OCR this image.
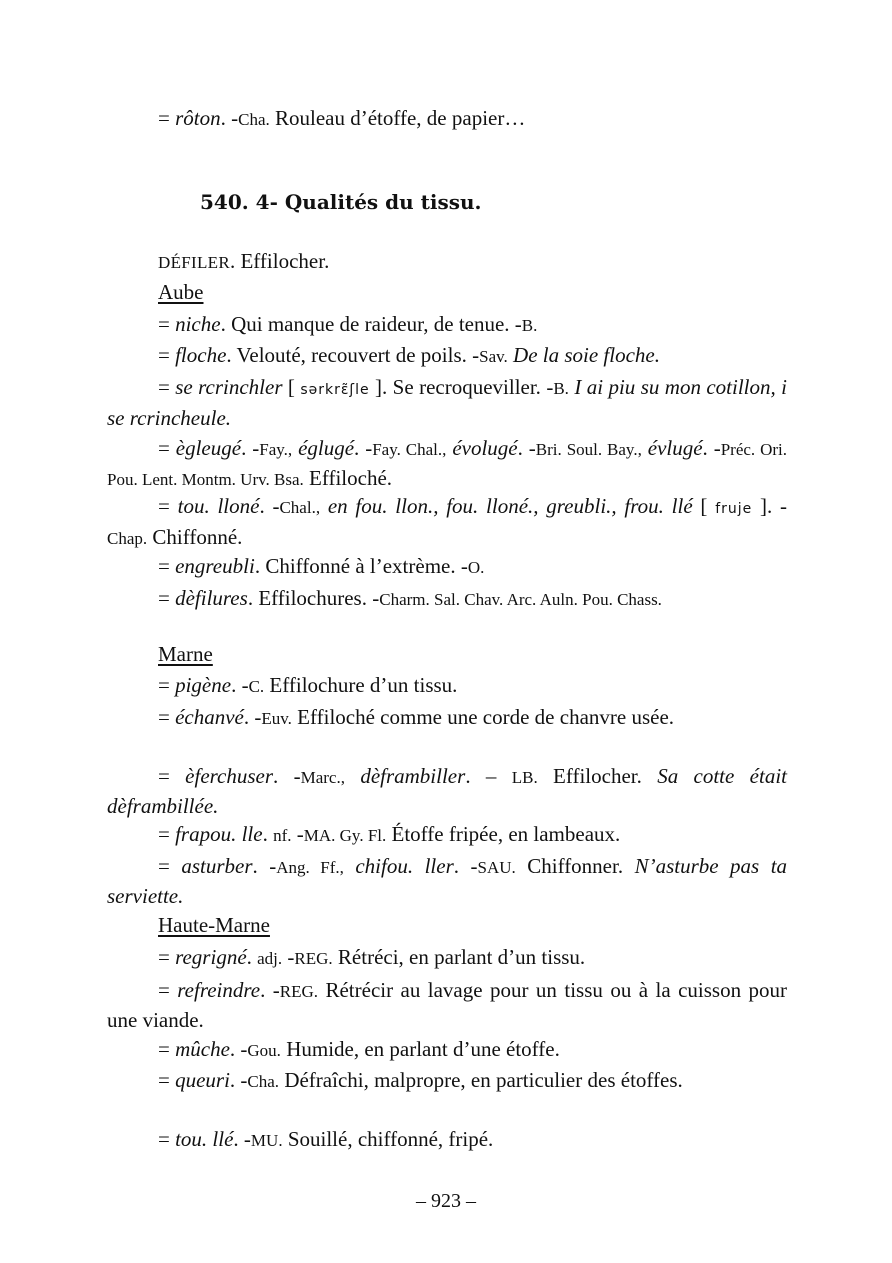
= rôton. -Cha. Rouleau d’étoffe, de papier…
540. 4- Qualités du tissu.
DÉFILER. Effilocher.
Aube
= niche. Qui manque de raideur, de tenue. -B.
= floche. Velouté, recouvert de poils. -Sav. De la soie floche.
= se rcrinchler [ sərkrɛ̃ʃle ]. Se recroqueviller. -B. I ai piu su mon cotillon, i se rcrincheule.
= ègleugé. -Fay., églugé. -Fay. Chal., évolugé. -Bri. Soul. Bay., évlugé. -Préc. Ori. Pou. Lent. Montm. Urv. Bsa. Effiloché.
= tou. lloné. -Chal., en fou. llon., fou. lloné., greubli., frou. llé [ fruje ]. -Chap. Chiffonné.
= engreubli. Chiffonné à l’extrème. -O.
= dèfilures. Effilochures. -Charm. Sal. Chav. Arc. Auln. Pou. Chass.
Marne
= pigène. -C. Effilochure d’un tissu.
= échanvé. -Euv. Effiloché comme une corde de chanvre usée.
= èferchuser. -Marc., dèframbiller. – LB. Effilocher. Sa cotte était dèframbillée.
= frapou. lle. nf. -MA. Gy. Fl. Étoffe fripée, en lambeaux.
= asturber. -Ang. Ff., chifou. ller. -SAU. Chiffonner. N’asturbe pas ta serviette.
Haute-Marne
= regrigné. adj. -REG. Rétréci, en parlant d’un tissu.
= refreindre. -REG. Rétrécir au lavage pour un tissu ou à la cuisson pour une viande.
= mûche. -Gou. Humide, en parlant d’une étoffe.
= queuri. -Cha. Défraîchi, malpropre, en particulier des étoffes.
= tou. llé. -MU. Souillé, chiffonné, fripé.
– 923 –
